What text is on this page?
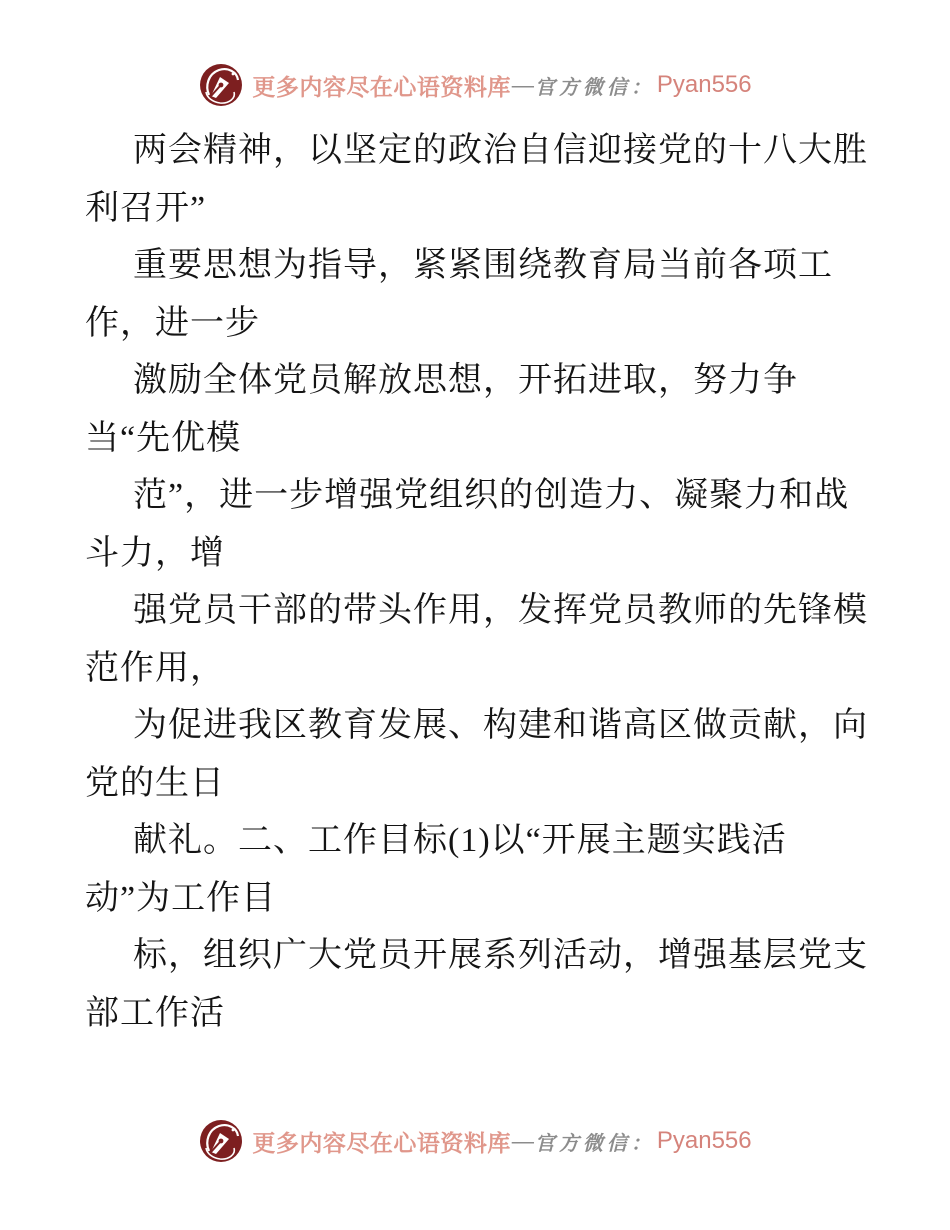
更多内容尽在心语资料库 — 官方微信： Pyan556
两会精神，以坚定的政治自信迎接党的十八大胜
利召开”
重要思想为指导，紧紧围绕教育局当前各项工
作，进一步
激励全体党员解放思想，开拓进取，努力争
当“先优模
范”，进一步增强党组织的创造力、凝聚力和战
斗力，增
强党员干部的带头作用，发挥党员教师的先锋模
范作用，
为促进我区教育发展、构建和谐高区做贡献，向
党的生日
献礼。二、工作目标(1)以“开展主题实践活
动”为工作目
标，组织广大党员开展系列活动，增强基层党支
部工作活
更多内容尽在心语资料库 — 官方微信： Pyan556
